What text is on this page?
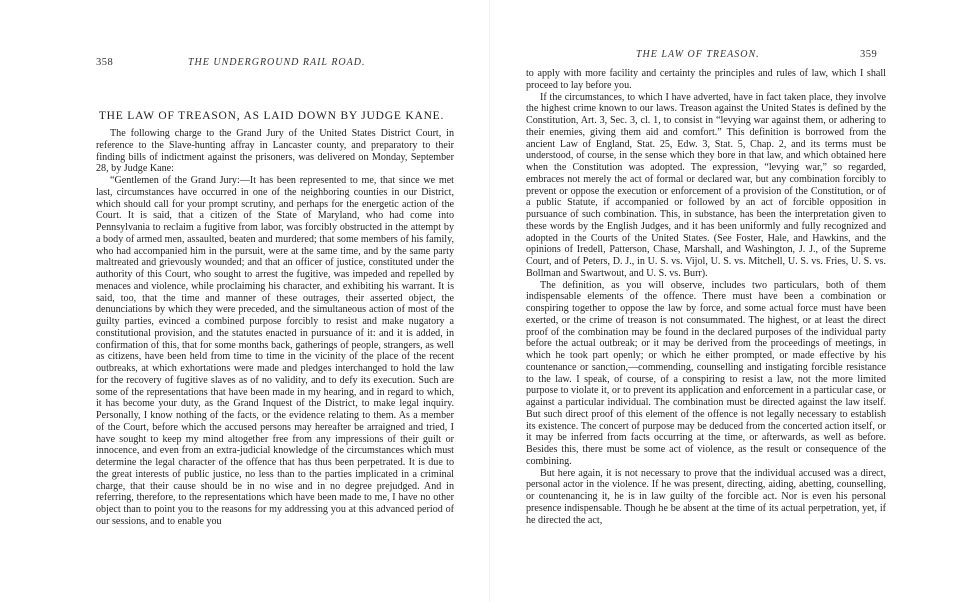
358	THE UNDERGROUND RAIL ROAD.
THE LAW OF TREASON, AS LAID DOWN BY JUDGE KANE.

The following charge to the Grand Jury of the United States District Court, in reference to the Slave-hunting affray in Lancaster county, and preparatory to their finding bills of indictment against the prisoners, was delivered on Monday, September 28, by Judge Kane:

“Gentlemen of the Grand Jury:—It has been represented to me, that since we met last, circumstances have occurred in one of the neighboring counties in our District, which should call for your prompt scrutiny, and perhaps for the energetic action of the Court. It is said, that a citizen of the State of Maryland, who had come into Pennsylvania to reclaim a fugitive from labor, was forcibly obstructed in the attempt by a body of armed men, assaulted, beaten and murdered; that some members of his family, who had accompanied him in the pursuit, were at the same time, and by the same party maltreated and grievously wounded; and that an officer of justice, constituted under the authority of this Court, who sought to arrest the fugitive, was impeded and repelled by menaces and violence, while proclaiming his character, and exhibiting his warrant. It is said, too, that the time and manner of these outrages, their asserted object, the denunciations by which they were preceded, and the simultaneous action of most of the guilty parties, evinced a combined purpose forcibly to resist and make nugatory a constitutional provision, and the statutes enacted in pursuance of it: and it is added, in confirmation of this, that for some months back, gatherings of people, strangers, as well as citizens, have been held from time to time in the vicinity of the place of the recent outbreaks, at which exhortations were made and pledges interchanged to hold the law for the recovery of fugitive slaves as of no validity, and to defy its execution. Such are some of the representations that have been made in my hearing, and in regard to which, it has become your duty, as the Grand Inquest of the District, to make legal inquiry. Personally, I know nothing of the facts, or the evidence relating to them. As a member of the Court, before which the accused persons may hereafter be arraigned and tried, I have sought to keep my mind altogether free from any impressions of their guilt or innocence, and even from an extra-judicial knowledge of the circumstances which must determine the legal character of the offence that has thus been perpetrated. It is due to the great interests of public justice, no less than to the parties implicated in a criminal charge, that their cause should be in no wise and in no degree prejudged. And in referring, therefore, to the representations which have been made to me, I have no other object than to point you to the reasons for my addressing you at this advanced period of our sessions, and to enable you

THE LAW OF TREASON.	359

to apply with more facility and certainty the principles and rules of law, which I shall proceed to lay before you.

If the circumstances, to which I have adverted, have in fact taken place, they involve the highest crime known to our laws. Treason against the United States is defined by the Constitution, Art. 3, Sec. 3, cl. 1, to consist in “levying war against them, or adhering to their enemies, giving them aid and comfort.” This definition is borrowed from the ancient Law of England, Stat. 25, Edw. 3, Stat. 5, Chap. 2, and its terms must be understood, of course, in the sense which they bore in that law, and which obtained here when the Constitution was adopted. The expression, “levying war,” so regarded, embraces not merely the act of formal or declared war, but any combination forcibly to prevent or oppose the execution or enforcement of a provision of the Constitution, or of a public Statute, if accompanied or followed by an act of forcible opposition in pursuance of such combination. This, in substance, has been the interpretation given to these words by the English Judges, and it has been uniformly and fully recognized and adopted in the Courts of the United States. (See Foster, Hale, and Hawkins, and the opinions of Iredell, Patterson, Chase, Marshall, and Washington, J. J., of the Supreme Court, and of Peters, D. J., in U. S. vs. Vijol, U. S. vs. Mitchell, U. S. vs. Fries, U. S. vs. Bollman and Swartwout, and U. S. vs. Burr).

The definition, as you will observe, includes two particulars, both of them indispensable elements of the offence. There must have been a combination or conspiring together to oppose the law by force, and some actual force must have been exerted, or the crime of treason is not consummated. The highest, or at least the direct proof of the combination may be found in the declared purposes of the individual party before the actual outbreak; or it may be derived from the proceedings of meetings, in which he took part openly; or which he either prompted, or made effective by his countenance or sanction,—commending, counselling and instigating forcible resistance to the law. I speak, of course, of a conspiring to resist a law, not the more limited purpose to violate it, or to prevent its application and enforcement in a particular case, or against a particular individual. The combination must be directed against the law itself. But such direct proof of this element of the offence is not legally necessary to establish its existence. The concert of purpose may be deduced from the concerted action itself, or it may be inferred from facts occurring at the time, or afterwards, as well as before. Besides this, there must be some act of violence, as the result or consequence of the combining.

But here again, it is not necessary to prove that the individual accused was a direct, personal actor in the violence. If he was present, directing, aiding, abetting, counselling, or countenancing it, he is in law guilty of the forcible act. Nor is even his personal presence indispensable. Though he be absent at the time of its actual perpetration, yet, if he directed the act,
